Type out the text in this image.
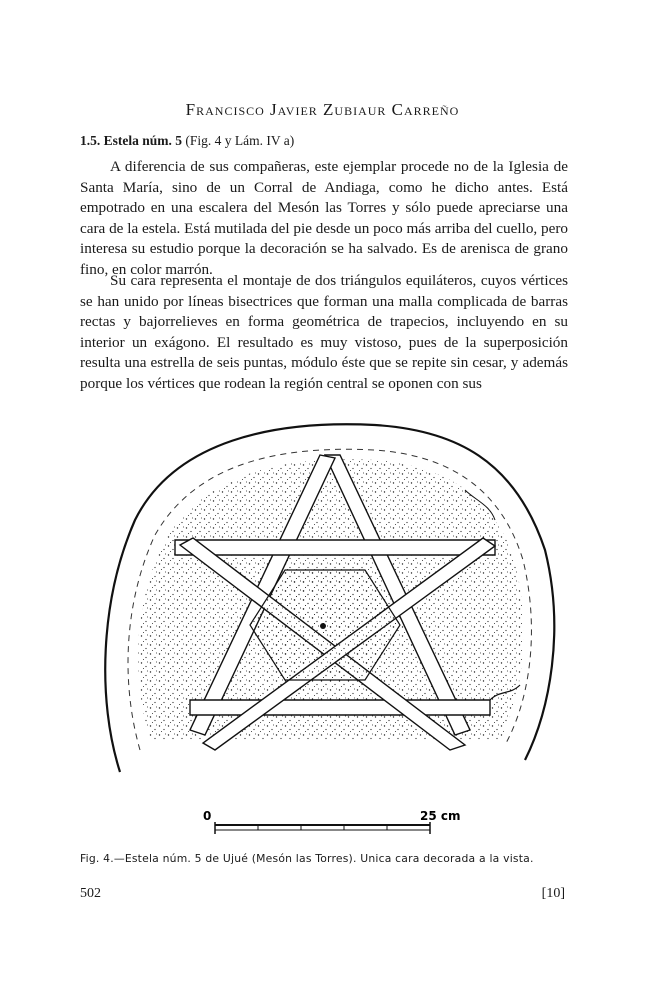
Francisco Javier Zubiaur Carreño
1.5. Estela núm. 5 (Fig. 4 y Lám. IV a)

A diferencia de sus compañeras, este ejemplar procede no de la Iglesia de Santa María, sino de un Corral de Andiaga, como he dicho antes. Está empotrado en una escalera del Mesón las Torres y sólo puede apreciarse una cara de la estela. Está mutilada del pie desde un poco más arriba del cuello, pero interesa su estudio porque la decoración se ha salvado. Es de arenisca de grano fino, en color marrón.

Su cara representa el montaje de dos triángulos equiláteros, cuyos vértices se han unido por líneas bisectrices que forman una malla complicada de barras rectas y bajorrelieves en forma geométrica de trapecios, incluyendo en su interior un exágono. El resultado es muy vistoso, pues de la superposición resulta una estrella de seis puntas, módulo éste que se repite sin cesar, y además porque los vértices que rodean la región central se oponen con sus

0	25 cm
Fig. 4.—Estela núm. 5 de Ujué (Mesón las Torres). Unica cara decorada a la vista.
502	[10]
